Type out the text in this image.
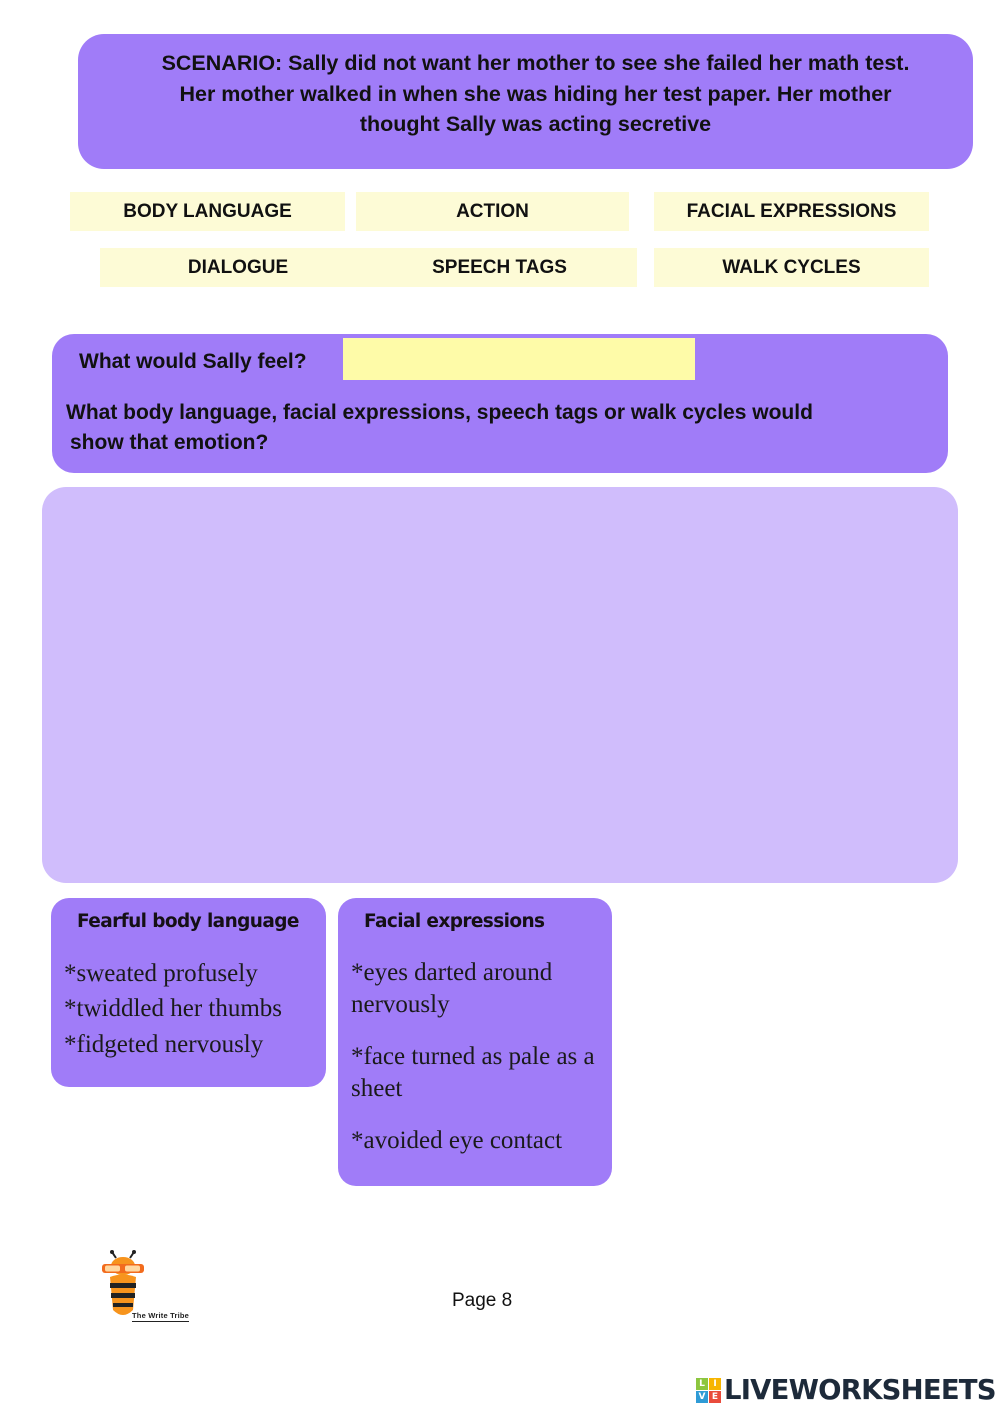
SCENARIO: Sally did not want her mother to see she failed her math test.
Her mother walked in when she was hiding her test paper. Her mother
thought Sally was acting secretive
BODY LANGUAGE	ACTION	FACIAL EXPRESSIONS
DIALOGUE	SPEECH TAGS	WALK CYCLES
What would Sally feel?
What body language, facial expressions, speech tags or walk cycles would
show that emotion?
Fearful body language
*sweated profusely
*twiddled her thumbs
*fidgeted nervously
Facial expressions
*eyes darted around nervously
*face turned as pale as a sheet
*avoided eye contact
The Write Tribe
Page 8
L I
V E LIVEWORKSHEETS
